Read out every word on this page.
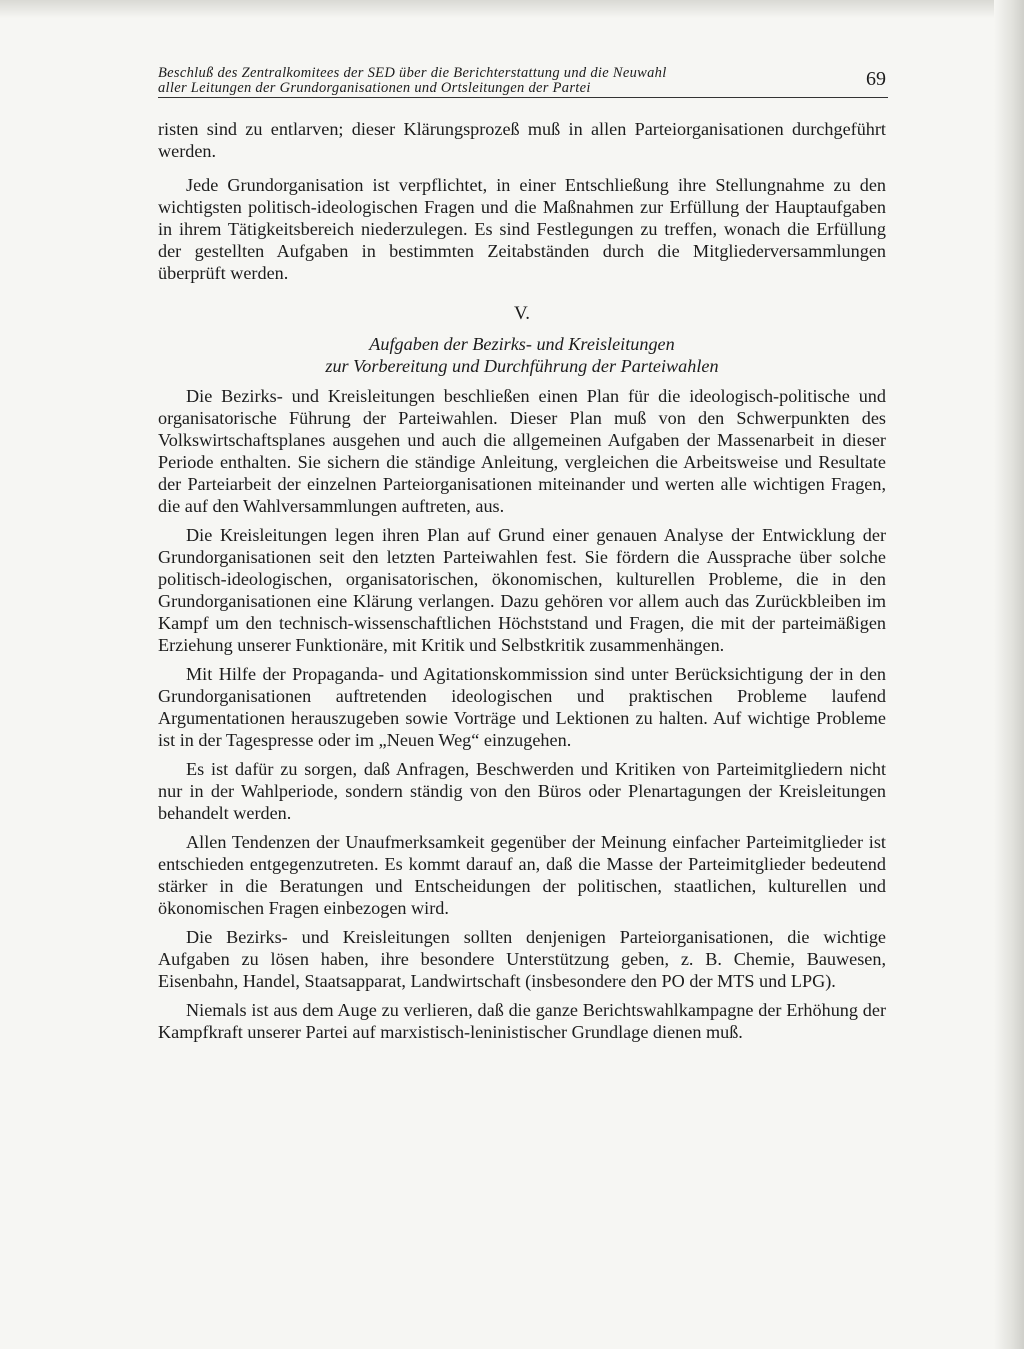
Beschluß des Zentralkomitees der SED über die Berichterstattung und die Neuwahl
aller Leitungen der Grundorganisationen und Ortsleitungen der Partei	69

risten sind zu entlarven; dieser Klärungsprozeß muß in allen Parteiorganisationen durchgeführt werden.

Jede Grundorganisation ist verpflichtet, in einer Entschließung ihre Stellungnahme zu den wichtigsten politisch-ideologischen Fragen und die Maßnahmen zur Erfüllung der Hauptaufgaben in ihrem Tätigkeitsbereich niederzulegen. Es sind Festlegungen zu treffen, wonach die Erfüllung der gestellten Aufgaben in bestimmten Zeitabständen durch die Mitgliederversammlungen überprüft werden.

V.
Aufgaben der Bezirks- und Kreisleitungen
zur Vorbereitung und Durchführung der Parteiwahlen

Die Bezirks- und Kreisleitungen beschließen einen Plan für die ideologisch-politische und organisatorische Führung der Parteiwahlen. Dieser Plan muß von den Schwerpunkten des Volkswirtschaftsplanes ausgehen und auch die allgemeinen Aufgaben der Massenarbeit in dieser Periode enthalten. Sie sichern die ständige Anleitung, vergleichen die Arbeitsweise und Resultate der Parteiarbeit der einzelnen Parteiorganisationen miteinander und werten alle wichtigen Fragen, die auf den Wahlversammlungen auftreten, aus.

Die Kreisleitungen legen ihren Plan auf Grund einer genauen Analyse der Entwicklung der Grundorganisationen seit den letzten Parteiwahlen fest. Sie fördern die Aussprache über solche politisch-ideologischen, organisatorischen, ökonomischen, kulturellen Probleme, die in den Grundorganisationen eine Klärung verlangen. Dazu gehören vor allem auch das Zurückbleiben im Kampf um den technisch-wissenschaftlichen Höchststand und Fragen, die mit der parteimäßigen Erziehung unserer Funktionäre, mit Kritik und Selbstkritik zusammenhängen.

Mit Hilfe der Propaganda- und Agitationskommission sind unter Berücksichtigung der in den Grundorganisationen auftretenden ideologischen und praktischen Probleme laufend Argumentationen herauszugeben sowie Vorträge und Lektionen zu halten. Auf wichtige Probleme ist in der Tagespresse oder im „Neuen Weg“ einzugehen.

Es ist dafür zu sorgen, daß Anfragen, Beschwerden und Kritiken von Parteimitgliedern nicht nur in der Wahlperiode, sondern ständig von den Büros oder Plenartagungen der Kreisleitungen behandelt werden.

Allen Tendenzen der Unaufmerksamkeit gegenüber der Meinung einfacher Parteimitglieder ist entschieden entgegenzutreten. Es kommt darauf an, daß die Masse der Parteimitglieder bedeutend stärker in die Beratungen und Entscheidungen der politischen, staatlichen, kulturellen und ökonomischen Fragen einbezogen wird.

Die Bezirks- und Kreisleitungen sollten denjenigen Parteiorganisationen, die wichtige Aufgaben zu lösen haben, ihre besondere Unterstützung geben, z. B. Chemie, Bauwesen, Eisenbahn, Handel, Staatsapparat, Landwirtschaft (insbesondere den PO der MTS und LPG).

Niemals ist aus dem Auge zu verlieren, daß die ganze Berichtswahlkampagne der Erhöhung der Kampfkraft unserer Partei auf marxistisch-leninistischer Grundlage dienen muß.
